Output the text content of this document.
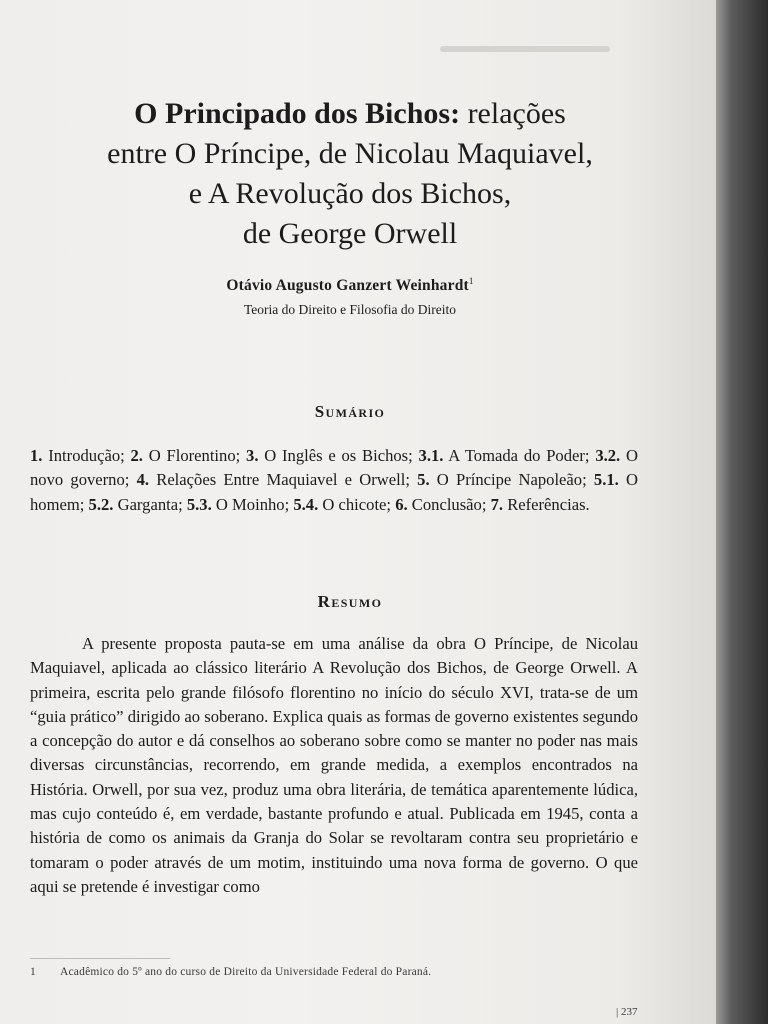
O Principado dos Bichos: relações
entre O Príncipe, de Nicolau Maquiavel,
e A Revolução dos Bichos,
de George Orwell
Otávio Augusto Ganzert Weinhardt$^1$
Teoria do Direito e Filosofia do Direito
Sumário
1. Introdução; 2. O Florentino; 3. O Inglês e os Bichos; 3.1. A Tomada do Poder; 3.2. O novo governo; 4. Relações Entre Maquiavel e Orwell; 5. O Príncipe Napoleão; 5.1. O homem; 5.2. Garganta; 5.3. O Moinho; 5.4. O chicote; 6. Conclusão; 7. Referências.
Resumo
A presente proposta pauta-se em uma análise da obra O Príncipe, de Nicolau Maquiavel, aplicada ao clássico literário A Revolução dos Bichos, de George Orwell. A primeira, escrita pelo grande filósofo florentino no início do século XVI, trata-se de um “guia prático” dirigido ao soberano. Explica quais as formas de governo existentes segundo a concepção do autor e dá conselhos ao soberano sobre como se manter no poder nas mais diversas circunstâncias, recorrendo, em grande medida, a exemplos encontrados na História. Orwell, por sua vez, produz uma obra literária, de temática aparentemente lúdica, mas cujo conteúdo é, em verdade, bastante profundo e atual. Publicada em 1945, conta a história de como os animais da Granja do Solar se revoltaram contra seu proprietário e tomaram o poder através de um motim, instituindo uma nova forma de governo. O que aqui se pretende é investigar como
1 Acadêmico do 5º ano do curso de Direito da Universidade Federal do Paraná.
| 237
